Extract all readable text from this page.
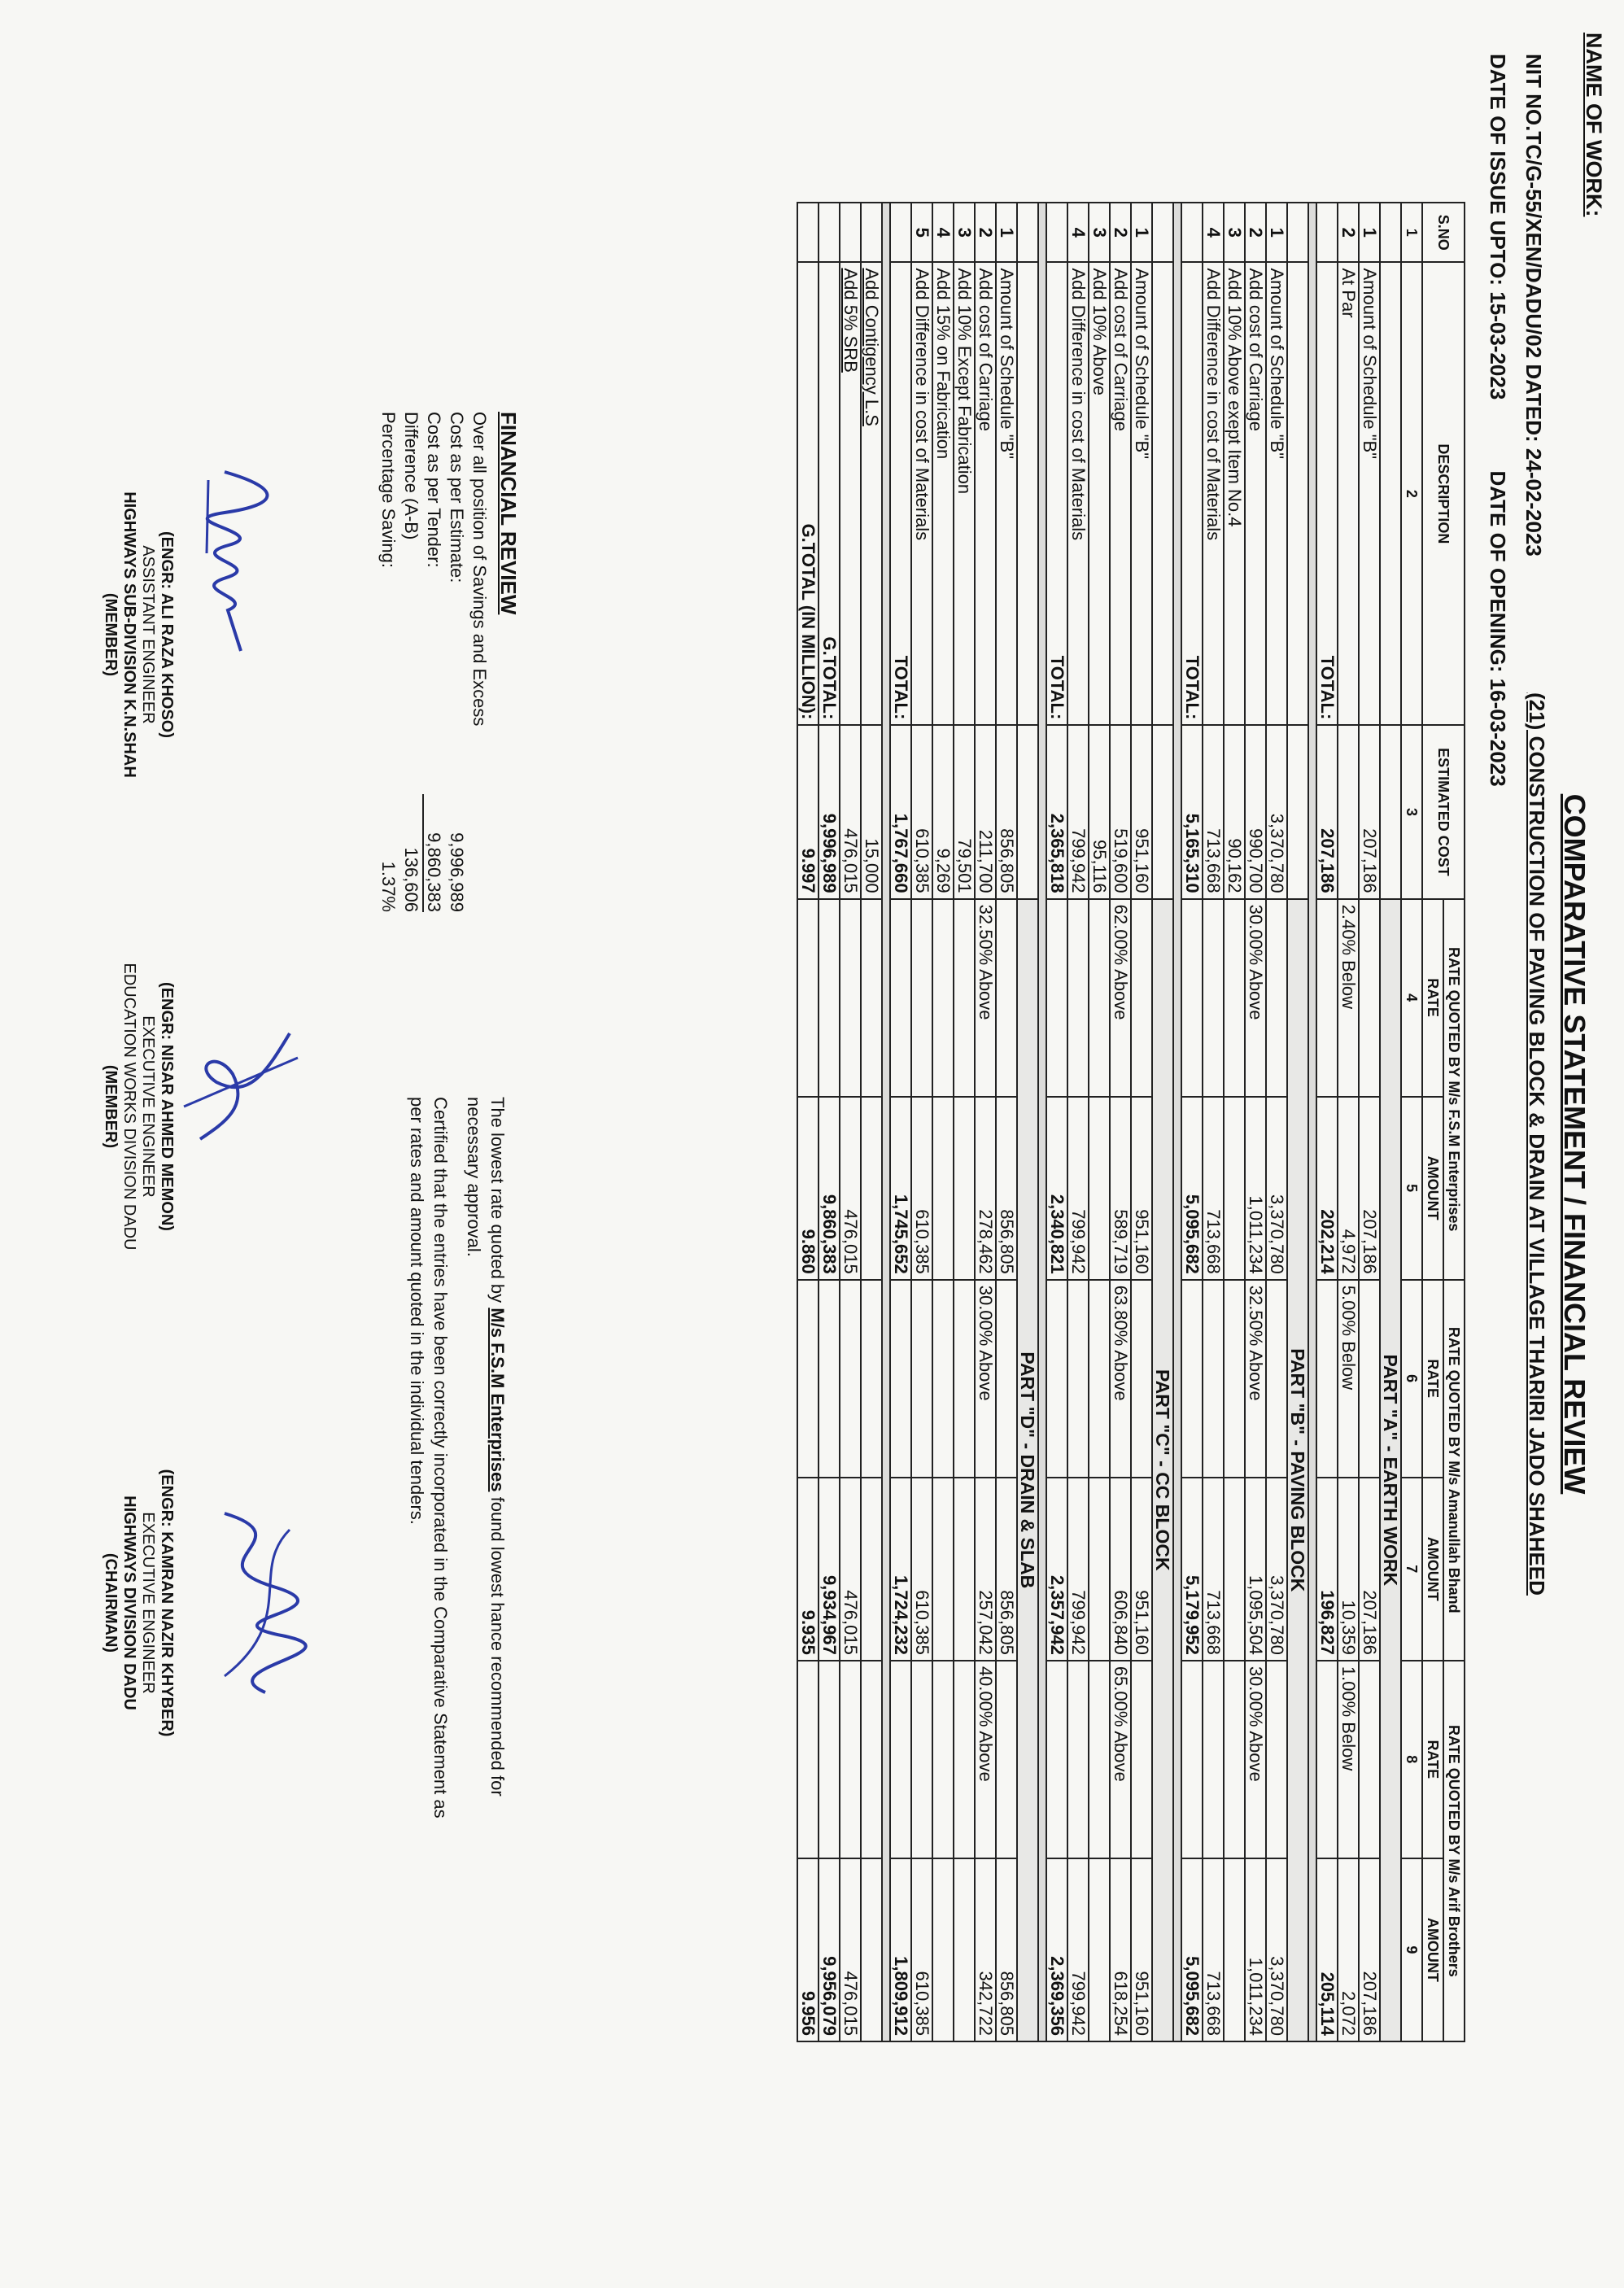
NAME OF WORK:
COMPARATIVE STATEMENT / FINANCIAL REVIEW
(21) CONSTRUCTION OF PAVING BLOCK & DRAIN AT VILLAGE THARIRI JADO SHAHEED
NIT NO.TC/G-55/XEN/DADU/02 DATED: 24-02-2023
DATE OF ISSUE UPTO: 15-03-2023 DATE OF OPENING: 16-03-2023
S.NO	DESCRIPTION	ESTIMATED COST	RATE QUOTED BY M/s F.S.M Enterprises		RATE QUOTED BY M/s Amanullah Bhand		RATE QUOTED BY M/s Arif Brothers	
			RATE	AMOUNT	RATE	AMOUNT	RATE	AMOUNT
1	2	3	4	5	6	7	8	9
			PART "A" - EARTH WORK					
1	Amount of Schedule "B"	207,186		207,186		207,186		207,186
2	At Par		2.40% Below	4,972	5.00% Below	10,359	1.00% Below	2,072
	TOTAL:	207,186		202,214		196,827		205,114

			PART "B" - PAVING BLOCK					
1	Amount of Schedule "B"	3,370,780		3,370,780		3,370,780		3,370,780
2	Add cost of Carriage	990,700	30.00% Above	1,011,234	32.50% Above	1,095,504	30.00% Above	1,011,234
3	Add 10% Above exept Item No.4	90,162						
4	Add Difference in cost of Materials	713,668		713,668		713,668		713,668
	TOTAL:	5,165,310		5,095,682		5,179,952		5,095,682

			PART "C" - CC BLOCK					
1	Amount of Schedule "B"	951,160		951,160		951,160		951,160
2	Add cost of Carriage	519,600	62.00% Above	589,719	63.80% Above	606,840	65.00% Above	618,254
3	Add 10% Above	95,116						
4	Add Difference in cost of Materials	799,942		799,942		799,942		799,942
	TOTAL:	2,365,818		2,340,821		2,357,942		2,369,356

			PART "D" - DRAIN & SLAB					
1	Amount of Schedule "B"	856,805		856,805		856,805		856,805
2	Add cost of Carriage	211,700	32.50% Above	278,462	30.00% Above	257,042	40.00% Above	342,722
3	Add 10% Except Fabrication	79,501						
4	Add 15% on Fabrication	9,269						
5	Add Difference in cost of Materials	610,385		610,385		610,385		610,385
	TOTAL:	1,767,660		1,745,652		1,724,232		1,809,912

	Add Contigency L.S	15,000						
	Add 5% SRB	476,015		476,015		476,015		476,015
	G.TOTAL:	9,996,989		9,860,383		9,934,967		9,956,079
	G.TOTAL (IN MILLION):	9.997		9.860		9.935		9.956
FINANCIAL REVIEW
Over all position of Savings and Excess
Cost as per Estimate:
9,996,989
Cost as per Tender:
9,860,383
Difference (A-B)
136,606
Percentage Saving:
1.37%

The lowest rate quoted by M/s F.S.M Enterprises found lowest hance recommended for necessary approval.

Certified that the entries have been correctly incorporated in the Comparative Statement as per rates and amount quoted in the individual tenders.

(ENGR: ALI RAZA KHOSO)
ASSISTANT ENGINEER
HIGHWAYS SUB-DIVISION K.N.SHAH
(MEMBER)
(ENGR: NISAR AHMED MEMON)
EXECUTIVE ENGINEER
EDUCATION WORKS DIVISION DADU
(MEMBER)
(ENGR: KAMRAN NAZIR KHYBER)
EXECUTIVE ENGINEER
HIGHWAYS DIVISION DADU
(CHAIRMAN)
